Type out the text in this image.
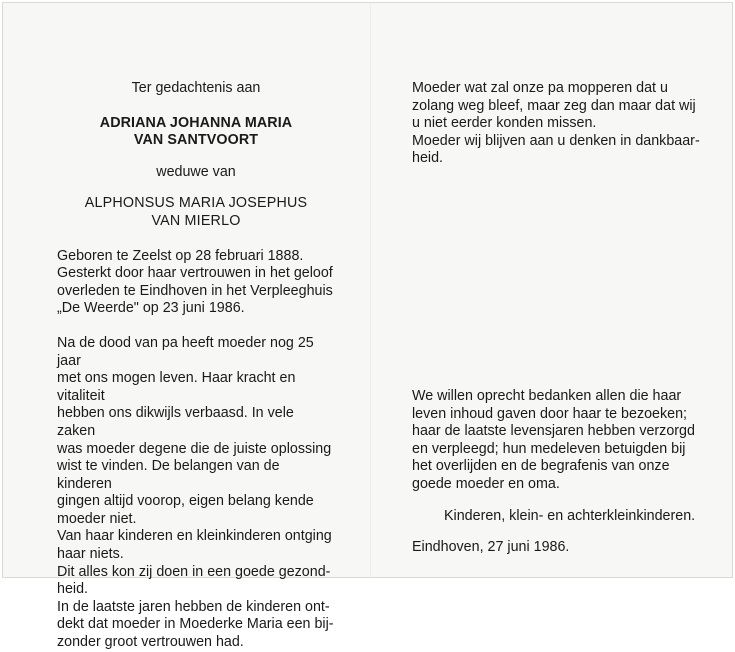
Ter gedachtenis aan

ADRIANA JOHANNA MARIA

VAN SANTVOORT

weduwe van

ALPHONSUS MARIA JOSEPHUS

VAN MIERLO

Geboren te Zeelst op 28 februari 1888.

Gesterkt door haar vertrouwen in het geloof

overleden te Eindhoven in het Verpleeghuis

„De Weerde" op 23 juni 1986.

Na de dood van pa heeft moeder nog 25 jaar

met ons mogen leven. Haar kracht en vitaliteit

hebben ons dikwijls verbaasd. In vele zaken

was moeder degene die de juiste oplossing

wist te vinden. De belangen van de kinderen

gingen altijd voorop, eigen belang kende

moeder niet.

Van haar kinderen en kleinkinderen ontging

haar niets.

Dit alles kon zij doen in een goede gezond-

heid.

In de laatste jaren hebben de kinderen ont-

dekt dat moeder in Moederke Maria een bij-

zonder groot vertrouwen had.

Moeder wat zal onze pa mopperen dat u

zolang weg bleef, maar zeg dan maar dat wij

u niet eerder konden missen.

Moeder wij blijven aan u denken in dankbaar-

heid.

We willen oprecht bedanken allen die haar

leven inhoud gaven door haar te bezoeken;

haar de laatste levensjaren hebben verzorgd

en verpleegd; hun medeleven betuigden bij

het overlijden en de begrafenis van onze

goede moeder en oma.

Kinderen, klein- en achterkleinkinderen.

Eindhoven, 27 juni 1986.
